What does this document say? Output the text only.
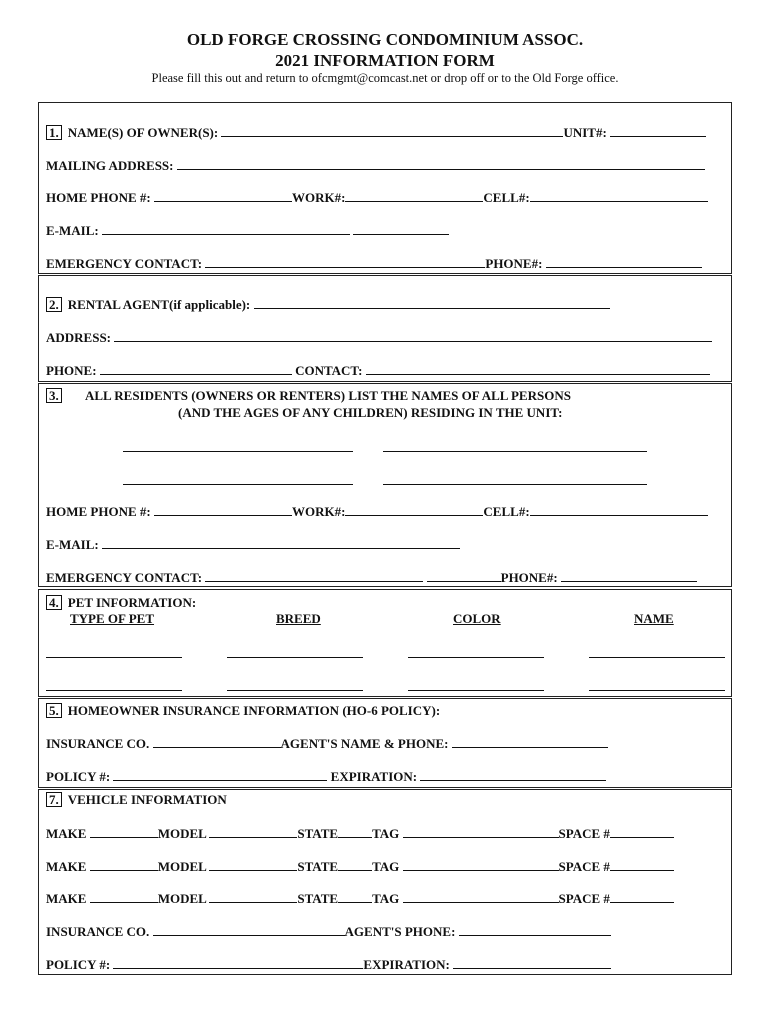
OLD FORGE CROSSING CONDOMINIUM ASSOC.
2021 INFORMATION FORM
Please fill this out and return to ofcmgmt@comcast.net or drop off or to the Old Forge office.
1. NAME(S) OF OWNER(S):	UNIT#:
MAILING ADDRESS:
HOME PHONE #:	WORK#:	CELL#:
E-MAIL:
EMERGENCY CONTACT:	PHONE#:
2. RENTAL AGENT(if applicable):
ADDRESS:
PHONE:	CONTACT:
3.	ALL RESIDENTS (OWNERS OR RENTERS) LIST THE NAMES OF ALL PERSONS
(AND THE AGES OF ANY CHILDREN) RESIDING IN THE UNIT:
HOME PHONE #:	WORK#:	CELL#:
E-MAIL:
EMERGENCY CONTACT:	PHONE#:
4. PET INFORMATION:
TYPE OF PET	BREED	COLOR	NAME
5. HOMEOWNER INSURANCE INFORMATION (HO-6 POLICY):
INSURANCE CO.	AGENT'S NAME & PHONE:
POLICY #:	EXPIRATION:
7. VEHICLE INFORMATION
MAKE	MODEL	STATE	TAG	SPACE #
MAKE	MODEL	STATE	TAG	SPACE #
MAKE	MODEL	STATE	TAG	SPACE #
INSURANCE CO.	AGENT'S PHONE:
POLICY #:	EXPIRATION:
